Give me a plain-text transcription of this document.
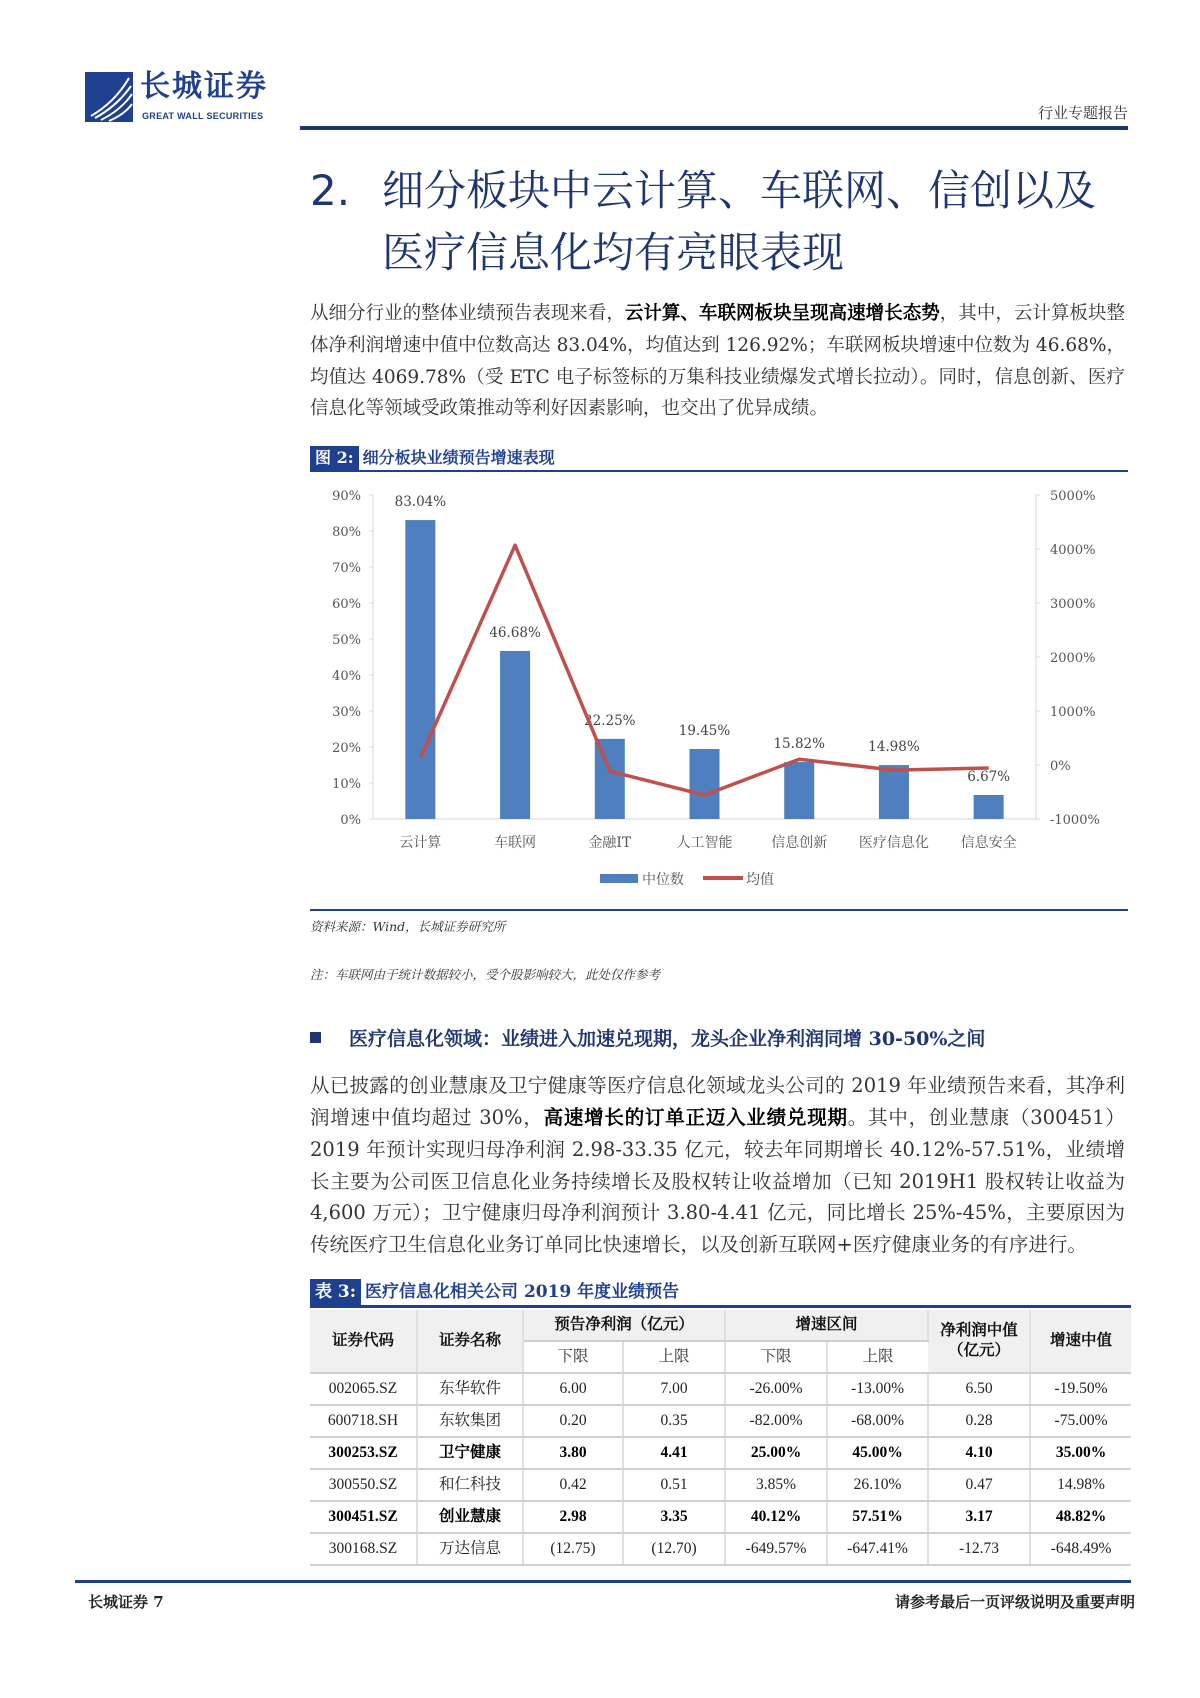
长城证券
GREAT WALL SECURITIES	行业专题报告
2. 细分板块中云计算、车联网、信创以及医疗信息化均有亮眼表现
从细分行业的整体业绩预告表现来看，云计算、车联网板块呈现高速增长态势，其中，云计算板块整体净利润增速中值中位数高达 83.04%，均值达到 126.92%；车联网板块增速中位数为 46.68%，均值达 4069.78%（受 ETC 电子标签标的万集科技业绩爆发式增长拉动）。同时，信息创新、医疗信息化等领域受政策推动等利好因素影响，也交出了优异成绩。
图 2: 细分板块业绩预告增速表现
0%
10%
20%
30%
40%
50%
60%
70%
80%
90%
-1000%
0%
1000%
2000%
3000%
4000%
5000%
83.04%
云计算
46.68%
车联网
22.25%
金融IT
19.45%
人工智能
15.82%
信息创新
14.98%
医疗信息化
6.67%
信息安全
中位数	均值
资料来源：Wind，长城证券研究所
注：车联网由于统计数据较小，受个股影响较大，此处仅作参考
医疗信息化领域：业绩进入加速兑现期，龙头企业净利润同增 30-50%之间
从已披露的创业慧康及卫宁健康等医疗信息化领域龙头公司的 2019 年业绩预告来看，其净利润增速中值均超过 30%，高速增长的订单正迈入业绩兑现期。其中，创业慧康（300451）2019 年预计实现归母净利润 2.98-33.35 亿元，较去年同期增长 40.12%-57.51%，业绩增长主要为公司医卫信息化业务持续增长及股权转让收益增加（已知 2019H1 股权转让收益为 4,600 万元）；卫宁健康归母净利润预计 3.80-4.41 亿元，同比增长 25%-45%，主要原因为传统医疗卫生信息化业务订单同比快速增长，以及创新互联网+医疗健康业务的有序进行。
表 3: 医疗信息化相关公司 2019 年度业绩预告
证券代码	证券名称	预告净利润（亿元）		增速区间		净利润中值（亿元）	增速中值
		下限	上限	下限	上限		
002065.SZ	东华软件	6.00	7.00	-26.00%	-13.00%	6.50	-19.50%
600718.SH	东软集团	0.20	0.35	-82.00%	-68.00%	0.28	-75.00%
300253.SZ	卫宁健康	3.80	4.41	25.00%	45.00%	4.10	35.00%
300550.SZ	和仁科技	0.42	0.51	3.85%	26.10%	0.47	14.98%
300451.SZ	创业慧康	2.98	3.35	40.12%	57.51%	3.17	48.82%
300168.SZ	万达信息	(12.75)	(12.70)	-649.57%	-647.41%	-12.73	-648.49%
长城证券 7	请参考最后一页评级说明及重要声明
